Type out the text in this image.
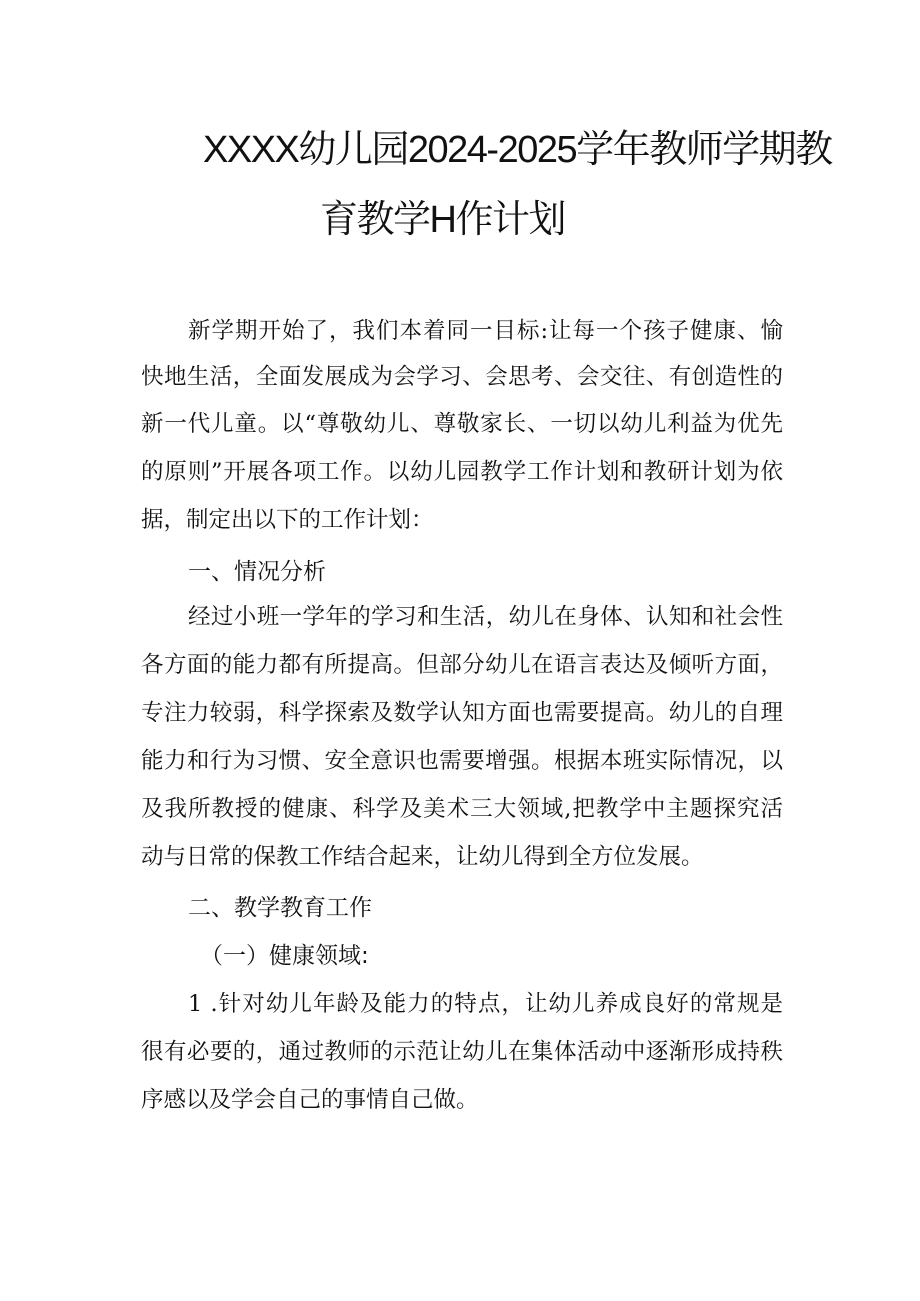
XXXX幼儿园2024-2025学年教师学期教
育教学H作计划
新学期开始了，我们本着同一目标:让每一个孩子健康、愉
快地生活，全面发展成为会学习、会思考、会交往、有创造性的
新一代儿童。以“尊敬幼儿、尊敬家长、一切以幼儿利益为优先
的原则”开展各项工作。以幼儿园教学工作计划和教研计划为依
据，制定出以下的工作计划：
一、情况分析
经过小班一学年的学习和生活，幼儿在身体、认知和社会性
各方面的能力都有所提高。但部分幼儿在语言表达及倾听方面，
专注力较弱，科学探索及数学认知方面也需要提高。幼儿的自理
能力和行为习惯、安全意识也需要增强。根据本班实际情况，以
及我所教授的健康、科学及美术三大领域,把教学中主题探究活
动与日常的保教工作结合起来，让幼儿得到全方位发展。
二、教学教育工作
（一）健康领域:
1 .针对幼儿年龄及能力的特点，让幼儿养成良好的常规是
很有必要的，通过教师的示范让幼儿在集体活动中逐渐形成持秩
序感以及学会自己的事情自己做。
